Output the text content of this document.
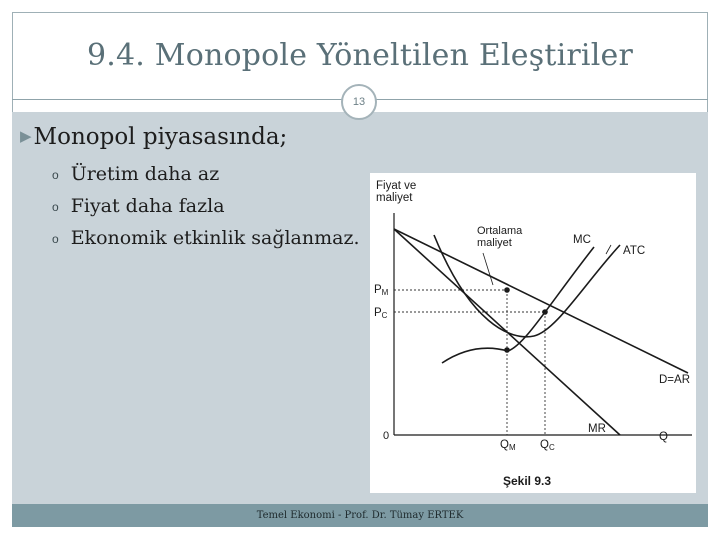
9.4. Monopole Yöneltilen Eleştiriler
13
▶Monopol piyasasında;
o Üretim daha az
o Fiyat daha fazla
o Ekonomik etkinlik sağlanmaz.
Fiyat ve
maliyet
Ortalama
maliyet	MC
ATC
D=AR
MR
PM
PC
0
QM QC
Q
Şekil 9.3
Temel Ekonomi - Prof. Dr. Tümay ERTEK
